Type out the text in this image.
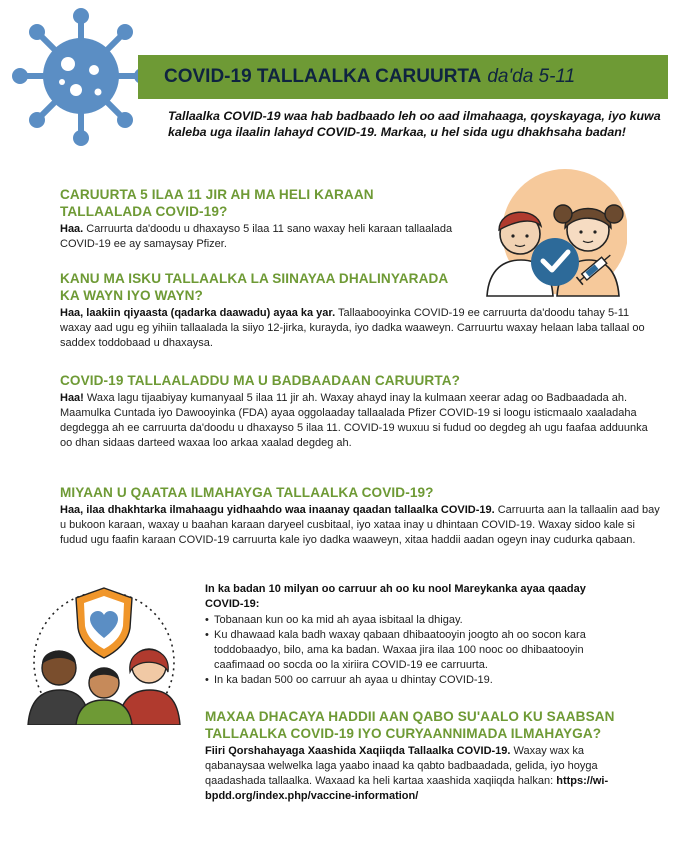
COVID-19 TALLAALKA CARUURTA da'da 5-11
Tallaalka COVID-19 waa hab badbaado leh oo aad ilmahaaga, qoyskayaga, iyo kuwa kaleba uga ilaalin lahayd COVID-19. Markaa, u hel sida ugu dhakhsaha badan!
CARUURTA 5 ILAA 11 JIR AH MA HELI KARAAN TALLAALADA COVID-19?
Haa. Carruurta da'doodu u dhaxayso 5 ilaa 11 sano waxay heli karaan tallaalada COVID-19 ee ay samaysay Pfizer.
KANU MA ISKU TALLAALKA LA SIINAYAA DHALINYARADA KA WAYN IYO WAYN?
Haa, laakiin qiyaasta (qadarka daawadu) ayaa ka yar. Tallaabooyinka COVID-19 ee carruurta da'doodu tahay 5-11 waxay aad ugu eg yihiin tallaalada la siiyo 12-jirka, kurayda, iyo dadka waaweyn. Carruurtu waxay helaan laba tallaal oo saddex toddobaad u dhaxaysa.
COVID-19 TALLAALADDU MA U BADBAADAAN CARUURTA?
Haa! Waxa lagu tijaabiyay kumanyaal 5 ilaa 11 jir ah. Waxay ahayd inay la kulmaan xeerar adag oo Badbaadada ah. Maamulka Cuntada iyo Dawooyinka (FDA) ayaa oggolaaday tallaalada Pfizer COVID-19 si loogu isticmaalo xaaladaha degdegga ah ee carruurta da'doodu u dhaxayso 5 ilaa 11. COVID-19 wuxuu si fudud oo degdeg ah ugu faafaa adduunka oo dhan sidaas darteed waxaa loo arkaa xaalad degdeg ah.
MIYAAN U QAATAA ILMAHAYGA TALLAALKA COVID-19?
Haa, ilaa dhakhtarka ilmahaagu yidhaahdo waa inaanay qaadan tallaalka COVID-19. Carruurta aan la tallaalin aad bay u bukoon karaan, waxay u baahan karaan daryeel cusbitaal, iyo xataa inay u dhintaan COVID-19. Waxay sidoo kale si fudud ugu faafin karaan COVID-19 carruurta kale iyo dadka waaweyn, xitaa haddii aadan ogeyn inay cudurka qabaan.
In ka badan 10 milyan oo carruur ah oo ku nool Mareykanka ayaa qaaday COVID-19:
• Tobanaan kun oo ka mid ah ayaa isbitaal la dhigay.
• Ku dhawaad kala badh waxay qabaan dhibaatooyin joogto ah oo socon kara toddobaadyo, bilo, ama ka badan. Waxaa jira ilaa 100 nooc oo dhibaatooyin caafimaad oo socda oo la xiriira COVID-19 ee carruurta.
• In ka badan 500 oo carruur ah ayaa u dhintay COVID-19.
MAXAA DHACAYA HADDII AAN QABO SU'AALO KU SAABSAN TALLAALKA COVID-19 IYO CURYAANNIMADA ILMAHAYGA?
Fiiri Qorshahayaga Xaashida Xaqiiqda Tallaalka COVID-19. Waxay wax ka qabanaysaa welwelka laga yaabo inaad ka qabto badbaadada, gelida, iyo hoyga qaadashada tallaalka. Waxaad ka heli kartaa xaashida xaqiiqda halkan: https://wi-bpdd.org/index.php/vaccine-information/
